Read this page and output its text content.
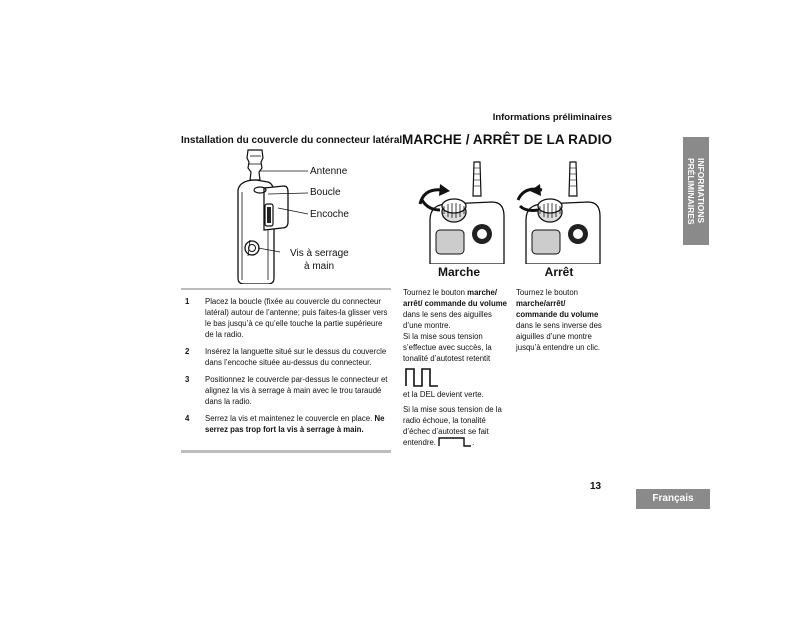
Informations préliminaires
INFORMATIONS
PRÉLIMINAIRES
Installation du couvercle du connecteur latéral
Antenne
Boucle
Encoche
Vis à serrage
à main
1	Placez la boucle (fixée au couvercle du connecteur latéral) autour de l’antenne; puis faites-la glisser vers le bas jusqu’à ce qu’elle touche la partie supérieure de la radio.
2	Insérez la languette situé sur le dessus du couvercle dans l’encoche située au-dessus du connecteur.
3	Positionnez le couvercle par-dessus le connecteur et alignez la vis à serrage à main avec le trou taraudé dans la radio.
4	Serrez la vis et maintenez le couvercle en place. Ne serrez pas trop fort la vis à serrage à main.
MARCHE / ARRÊT DE LA RADIO
Marche	Arrêt

Tournez le bouton marche/ arrêt/ commande du volume dans le sens des aiguilles d’une montre.

Si la mise sous tension s’effectue avec succès, la tonalité d’autotest retentit

et la DEL devient verte.

Si la mise sous tension de la radio échoue, la tonalité d’échec d’autotest se fait entendre.	.

Tournez le bouton marche/arrêt/ commande du volume dans le sens inverse des aiguilles d’une montre jusqu’à entendre un clic.

13
Français
